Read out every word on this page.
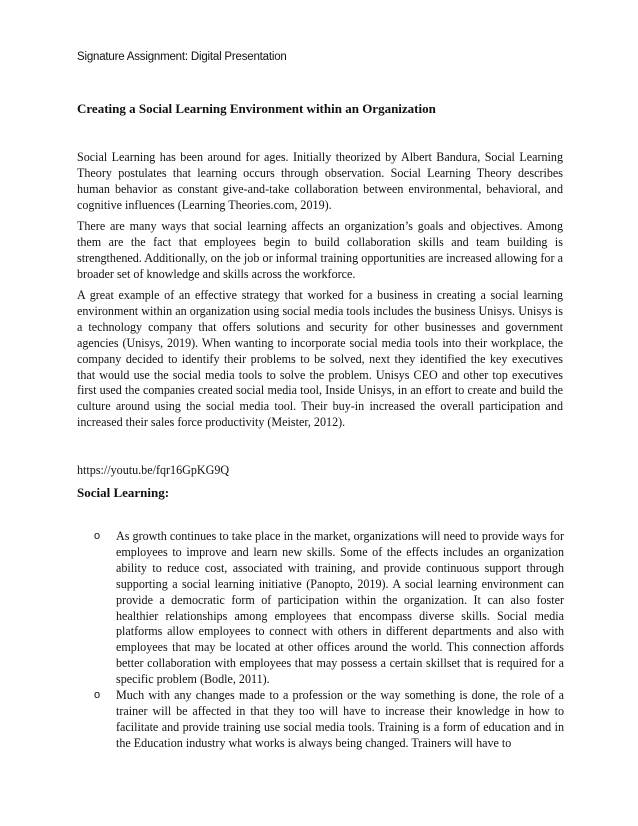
Signature Assignment: Digital Presentation
Creating a Social Learning Environment within an Organization
Social Learning has been around for ages. Initially theorized by Albert Bandura, Social Learning Theory postulates that learning occurs through observation. Social Learning Theory describes human behavior as constant give-and-take collaboration between environmental, behavioral, and cognitive influences (Learning Theories.com, 2019).
There are many ways that social learning affects an organization’s goals and objectives. Among them are the fact that employees begin to build collaboration skills and team building is strengthened. Additionally, on the job or informal training opportunities are increased allowing for a broader set of knowledge and skills across the workforce.
A great example of an effective strategy that worked for a business in creating a social learning environment within an organization using social media tools includes the business Unisys. Unisys is a technology company that offers solutions and security for other businesses and government agencies (Unisys, 2019). When wanting to incorporate social media tools into their workplace, the company decided to identify their problems to be solved, next they identified the key executives that would use the social media tools to solve the problem. Unisys CEO and other top executives first used the companies created social media tool, Inside Unisys, in an effort to create and build the culture around using the social media tool. Their buy-in increased the overall participation and increased their sales force productivity (Meister, 2012).
https://youtu.be/fqr16GpKG9Q
Social Learning:
o As growth continues to take place in the market, organizations will need to provide ways for employees to improve and learn new skills. Some of the effects includes an organization ability to reduce cost, associated with training, and provide continuous support through supporting a social learning initiative (Panopto, 2019). A social learning environment can provide a democratic form of participation within the organization. It can also foster healthier relationships among employees that encompass diverse skills. Social media platforms allow employees to connect with others in different departments and also with employees that may be located at other offices around the world. This connection affords better collaboration with employees that may possess a certain skillset that is required for a specific problem (Bodle, 2011).
o Much with any changes made to a profession or the way something is done, the role of a trainer will be affected in that they too will have to increase their knowledge in how to facilitate and provide training use social media tools. Training is a form of education and in the Education industry what works is always being changed. Trainers will have to
